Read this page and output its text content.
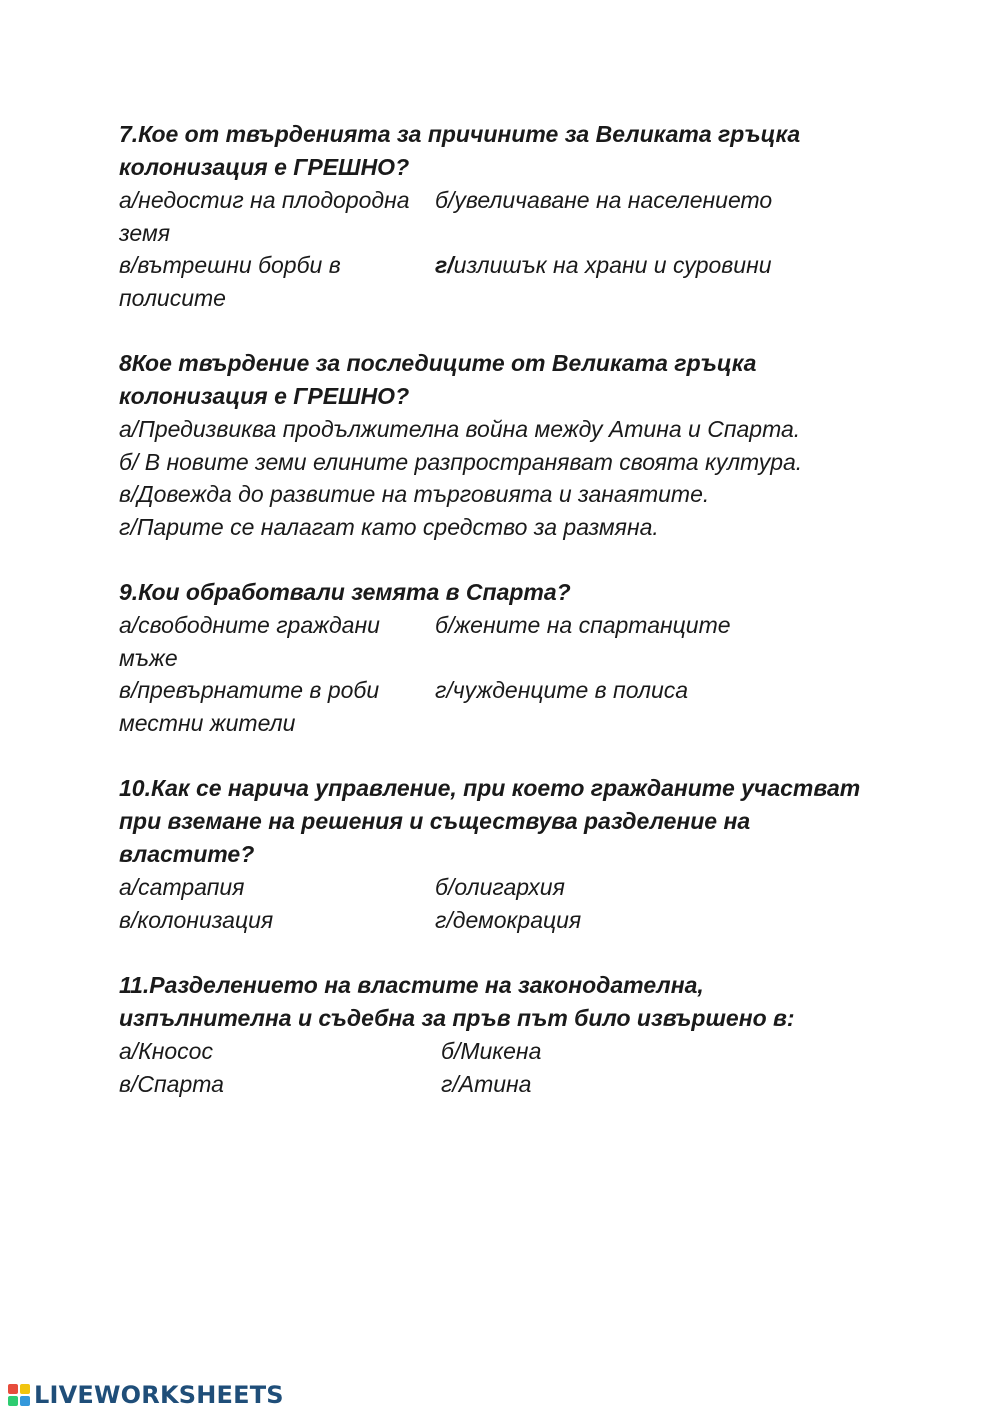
7.Кое от твърденията за причините за Великата гръцка колонизация е ГРЕШНО?

а/недостиг на плодородна земя
б/увеличаване на населението
в/вътрешни борби в полисите
г/излишък на храни и суровини

8Кое твърдение за последиците от Великата гръцка колонизация е ГРЕШНО?

а/Предизвиква продължителна война между Атина и Спарта.
б/ В новите земи елините разпространяват своята култура.
в/Довежда до развитие на търговията и занаятите.
г/Парите се налагат като средство за размяна.

9.Кои обработвали земята в Спарта?

а/свободните граждани мъже
б/жените на спартанците
в/превърнатите в роби местни жители
г/чужденците в полиса

10.Как се нарича управление, при което гражданите участват при вземане на решения и съществува разделение на властите?

а/сатрапия	б/олигархия
в/колонизация	г/демокрация

11.Разделението на властите на законодателна, изпълнителна и съдебна за пръв път било извършено в:

а/Кносос	б/Микена
в/Спарта	г/Атина
LIVEWORKSHEETS
